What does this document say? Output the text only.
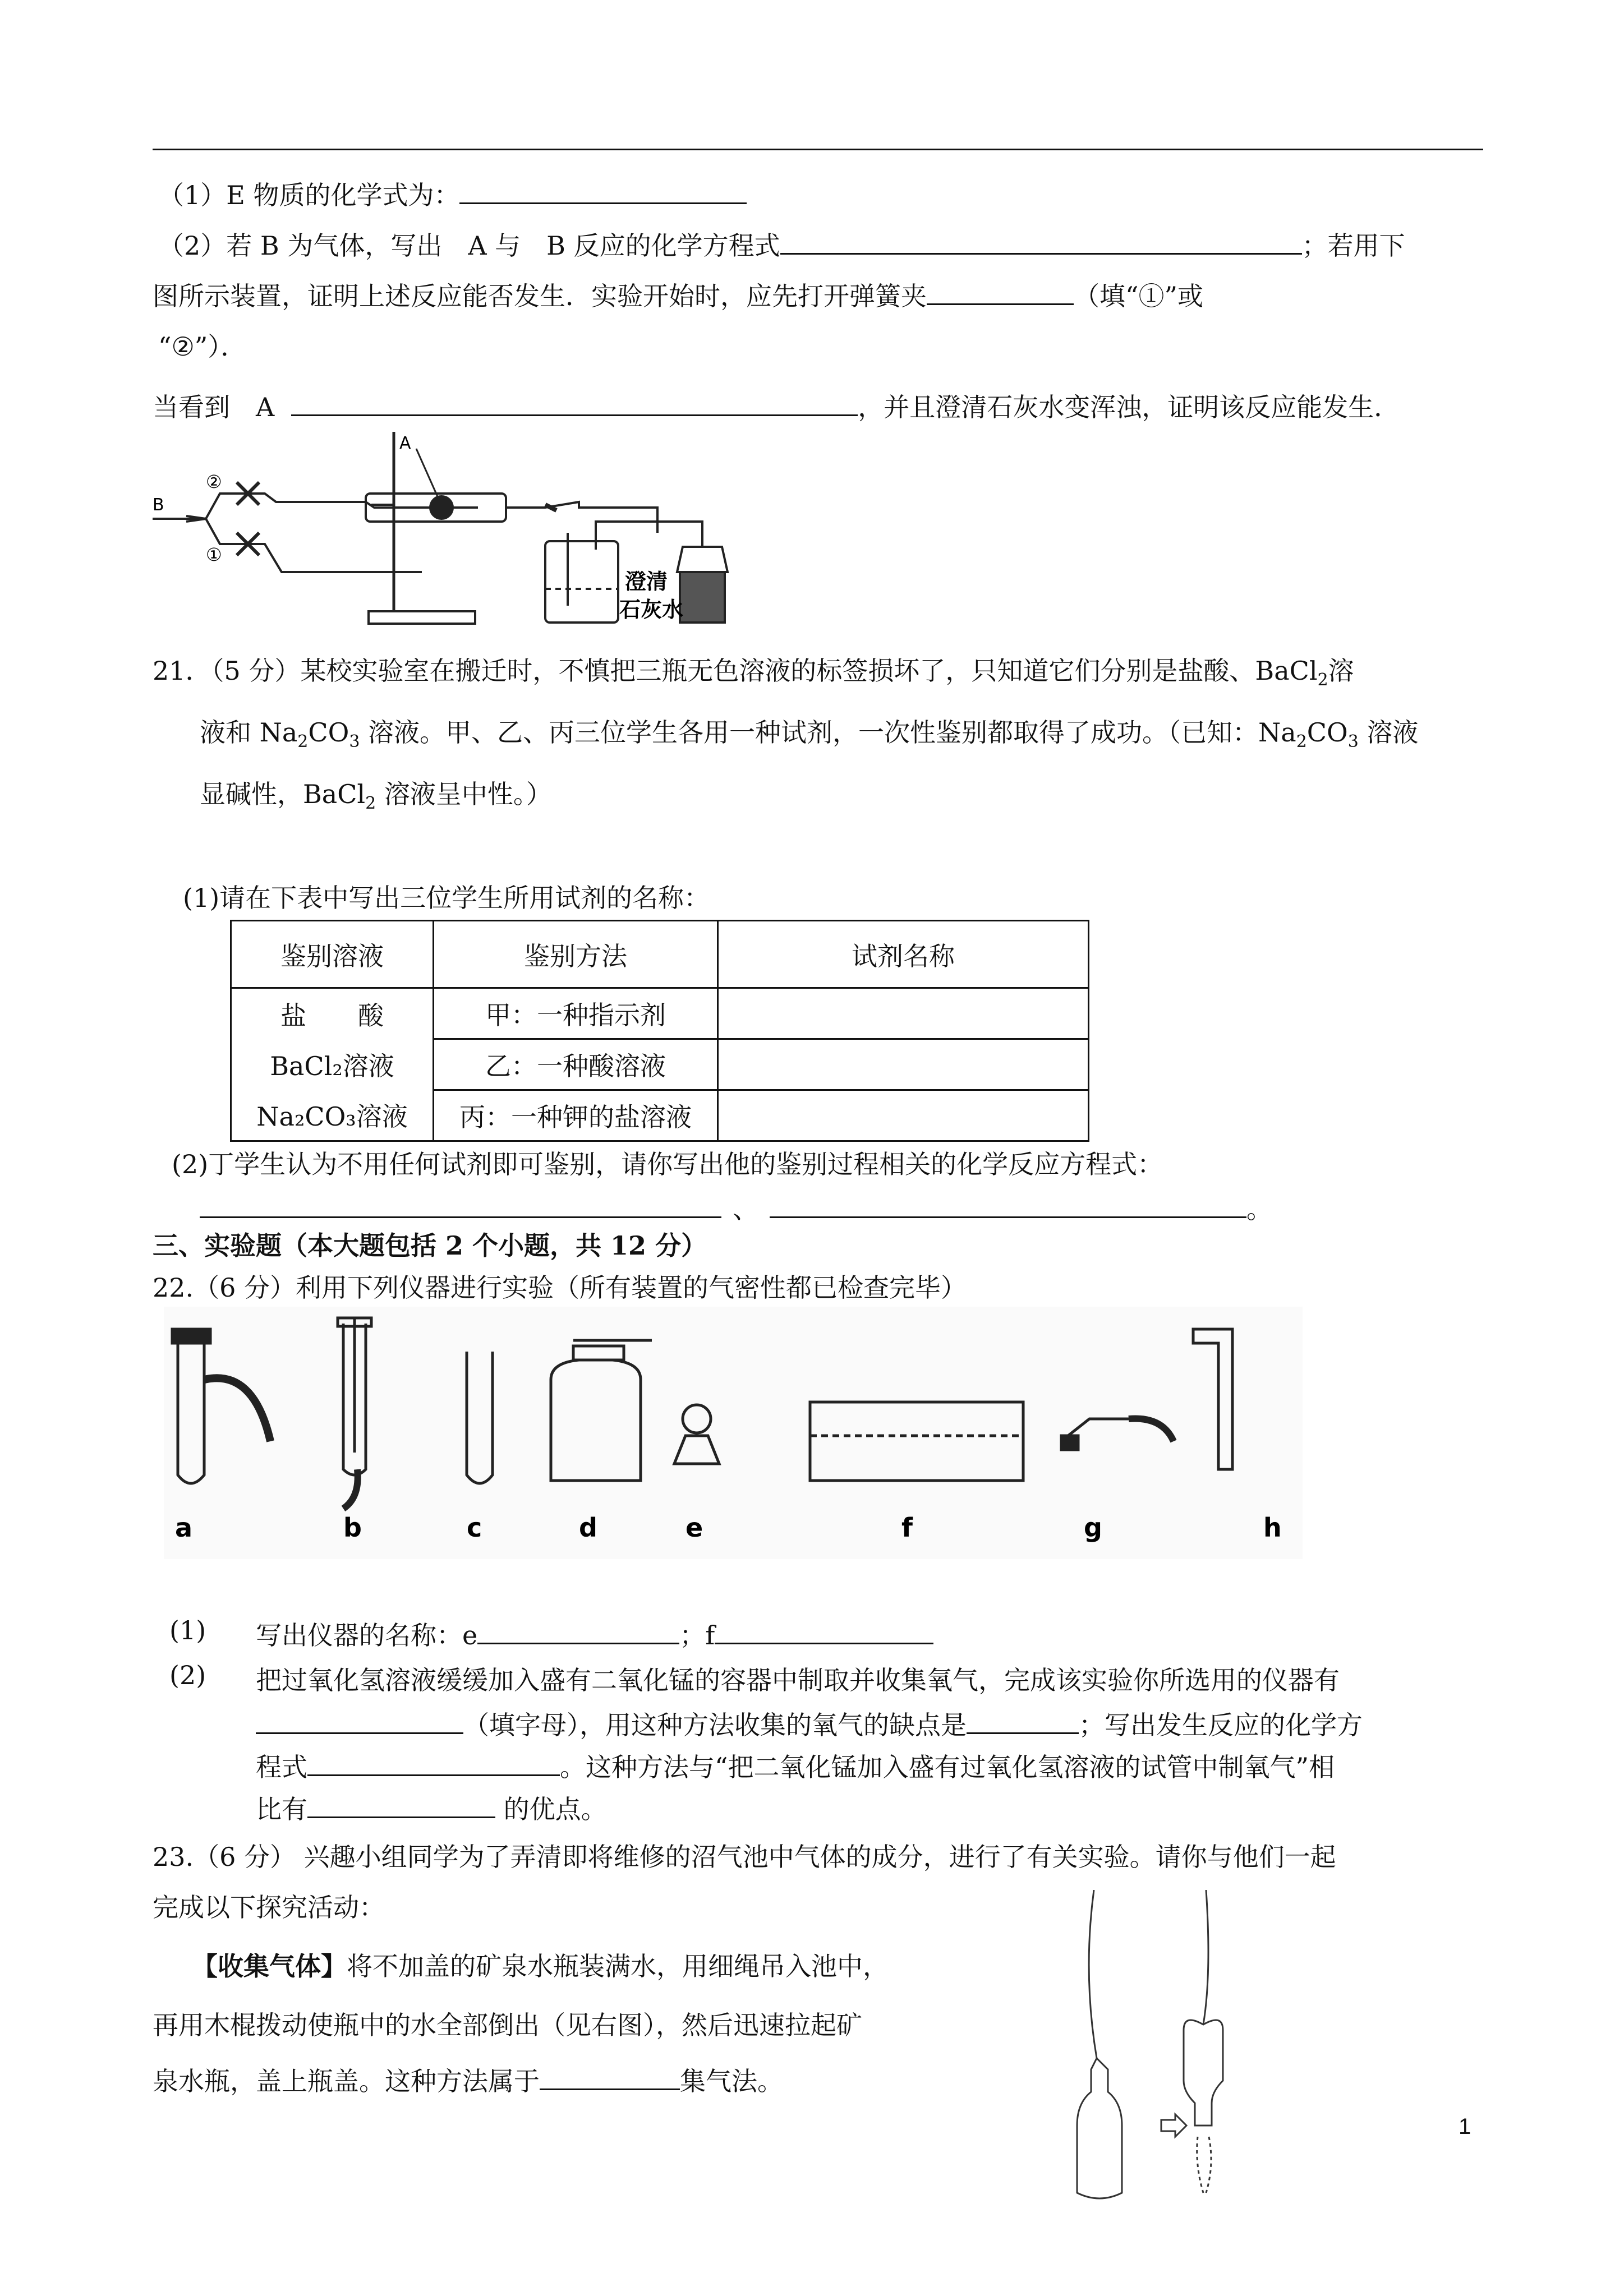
（1）E 物质的化学式为：
（2）若 B 为气体，写出　A 与　B 反应的化学方程式	；若用下
图所示装置，证明上述反应能否发生．实验开始时，应先打开弹簧夹	（填“①”或
“②”）．
当看到　A	，并且澄清石灰水变浑浊，证明该反应能发生．
A
B
②
①
澄清
石灰水
21．（5 分）某校实验室在搬迁时，不慎把三瓶无色溶液的标签损坏了，只知道它们分别是盐酸、BaCl$_2$溶
液和 $Na_2CO_3$ 溶液。甲、乙、丙三位学生各用一种试剂，一次性鉴别都取得了成功。（已知：$Na_2CO_3$ 溶液
显碱性，BaCl$_2$ 溶液呈中性。）
(1)请在下表中写出三位学生所用试剂的名称：
鉴别溶液	鉴别方法	试剂名称
盐　　酸	甲：一种指示剂	
BaCl₂溶液	乙：一种酸溶液	
Na₂CO₃溶液	丙：一种钾的盐溶液	
(2)丁学生认为不用任何试剂即可鉴别，请你写出他的鉴别过程相关的化学反应方程式：
、	。
三、实验题（本大题包括 2 个小题，共 12 分）
22.（6 分）利用下列仪器进行实验（所有装置的气密性都已检查完毕）
a	b	c	d	e	f	g	h
(1) 写出仪器的名称：e	；f
(2) 把过氧化氢溶液缓缓加入盛有二氧化锰的容器中制取并收集氧气，完成该实验你所选用的仪器有
（填字母），用这种方法收集的氧气的缺点是	；写出发生反应的化学方
程式	。这种方法与“把二氧化锰加入盛有过氧化氢溶液的试管中制氧气”相
比有	的优点。
23.（6 分） 兴趣小组同学为了弄清即将维修的沼气池中气体的成分，进行了有关实验。请你与他们一起
完成以下探究活动：
【收集气体】将不加盖的矿泉水瓶装满水，用细绳吊入池中，
再用木棍拨动使瓶中的水全部倒出（见右图），然后迅速拉起矿
泉水瓶，盖上瓶盖。这种方法属于	集气法。
1
